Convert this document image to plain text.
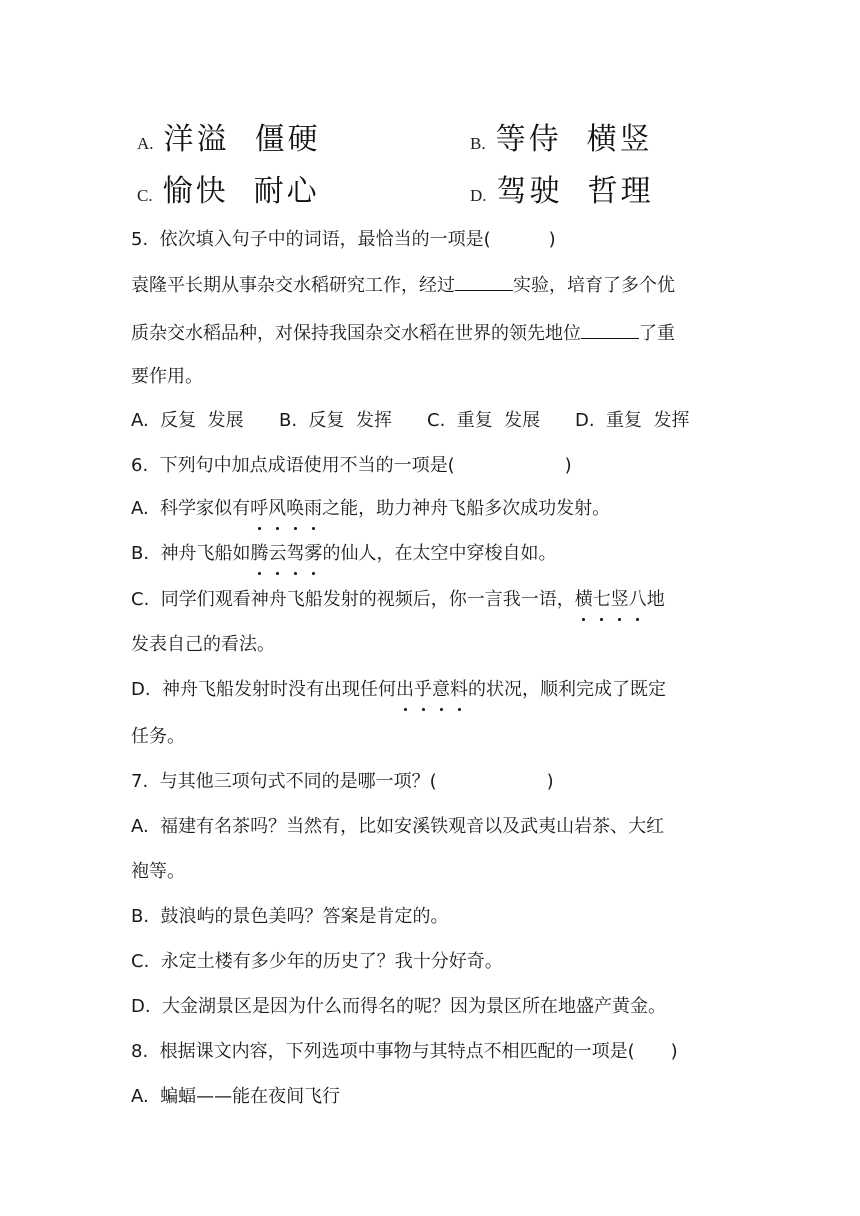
A. 洋溢  僵硬	B. 等侍  横竖
C. 愉快  耐心	D. 驾驶  哲理
5.  依次填入句子中的词语，最恰当的一项是(	)
袁隆平长期从事杂交水稻研究工作，经过	实验，培育了多个优
质杂交水稻品种，对保持我国杂交水稻在世界的领先地位	了重
要作用。
A.  反复  发展 B.  反复  发挥 C.  重复  发展 D.  重复  发挥
6.  下列句中加点成语使用不当的一项是(	)
A.  科学家似有呼风唤雨之能，助力神舟飞船多次成功发射。
B.  神舟飞船如腾云驾雾的仙人，在太空中穿梭自如。
C.  同学们观看神舟飞船发射的视频后，你一言我一语，横七竖八地
发表自己的看法。
D.  神舟飞船发射时没有出现任何出乎意料的状况，顺利完成了既定
任务。
7.  与其他三项句式不同的是哪一项？(	)
A.  福建有名茶吗？当然有，比如安溪铁观音以及武夷山岩茶、大红
袍等。
B.  鼓浪屿的景色美吗？答案是肯定的。
C.  永定土楼有多少年的历史了？我十分好奇。
D.  大金湖景区是因为什么而得名的呢？因为景区所在地盛产黄金。
8.  根据课文内容，下列选项中事物与其特点不相匹配的一项是( )
A.  蝙蝠——能在夜间飞行
